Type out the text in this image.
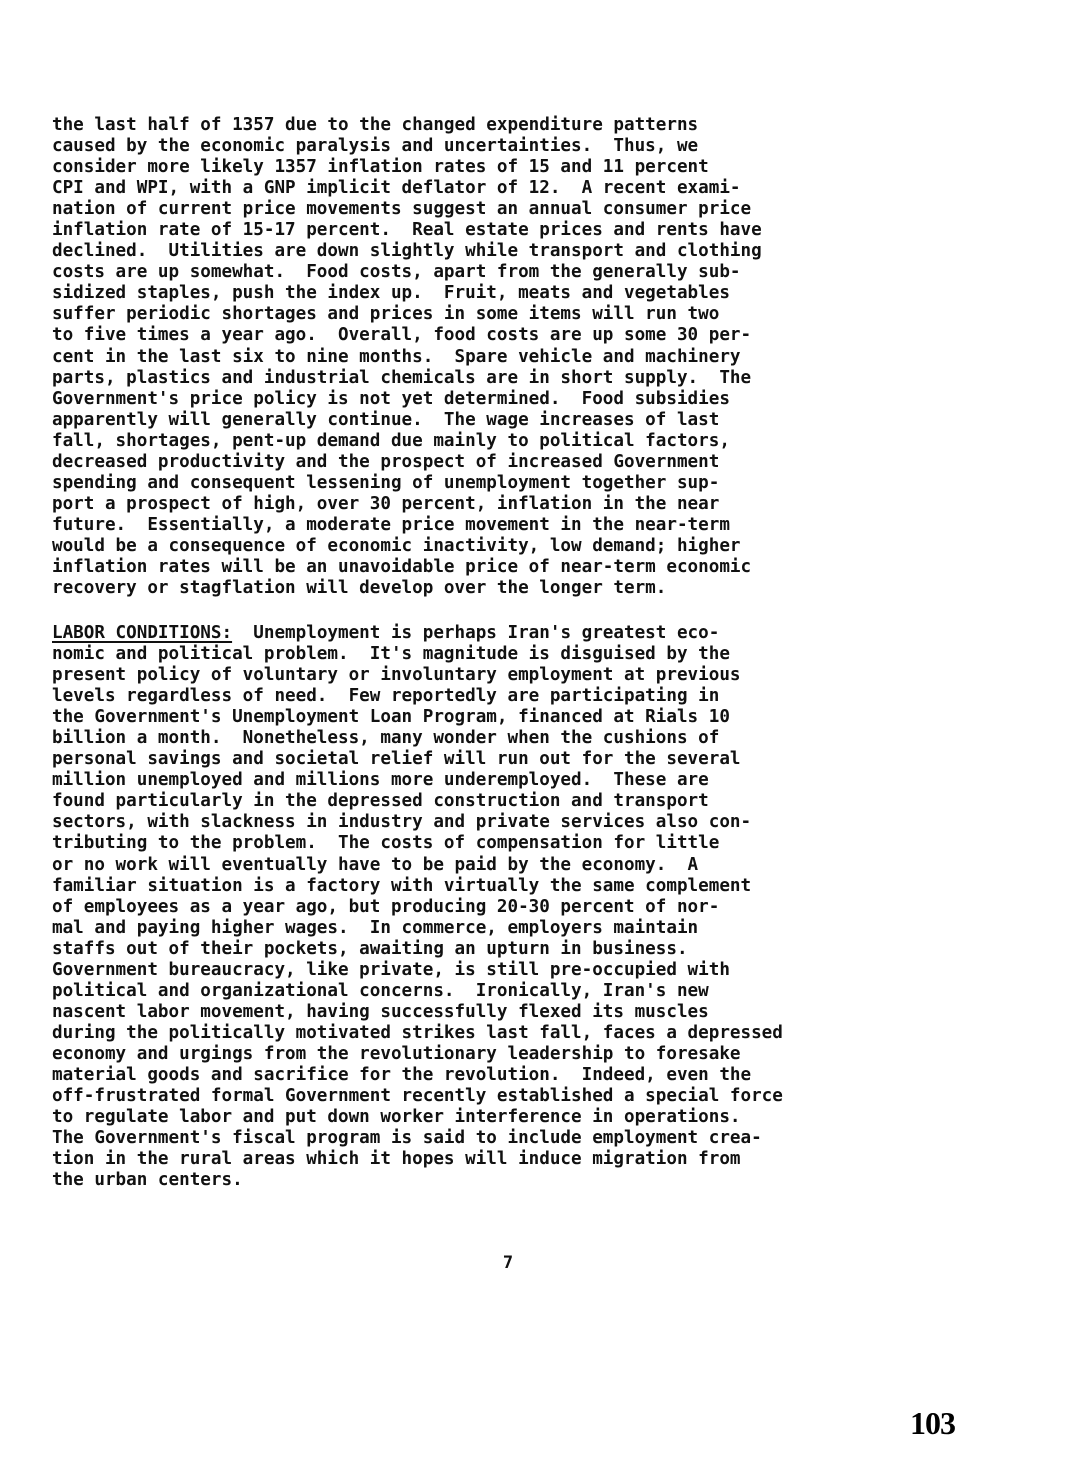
the last half of 1357 due to the changed expenditure patterns
caused by the economic paralysis and uncertainties.  Thus, we
consider more likely 1357 inflation rates of 15 and 11 percent
CPI and WPI, with a GNP implicit deflator of 12.  A recent exami-
nation of current price movements suggest an annual consumer price
inflation rate of 15-17 percent.  Real estate prices and rents have
declined.  Utilities are down slightly while transport and clothing
costs are up somewhat.  Food costs, apart from the generally sub-
sidized staples, push the index up.  Fruit, meats and vegetables
suffer periodic shortages and prices in some items will run two
to five times a year ago.  Overall, food costs are up some 30 per-
cent in the last six to nine months.  Spare vehicle and machinery
parts, plastics and industrial chemicals are in short supply.  The
Government's price policy is not yet determined.  Food subsidies
apparently will generally continue.  The wage increases of last
fall, shortages, pent-up demand due mainly to political factors,
decreased productivity and the prospect of increased Government
spending and consequent lessening of unemployment together sup-
port a prospect of high, over 30 percent, inflation in the near
future.  Essentially, a moderate price movement in the near-term
would be a consequence of economic inactivity, low demand; higher
inflation rates will be an unavoidable price of near-term economic
recovery or stagflation will develop over the longer term.
LABOR CONDITIONS:  Unemployment is perhaps Iran's greatest eco-
nomic and political problem.  It's magnitude is disguised by the
present policy of voluntary or involuntary employment at previous
levels regardless of need.  Few reportedly are participating in
the Government's Unemployment Loan Program, financed at Rials 10
billion a month.  Nonetheless, many wonder when the cushions of
personal savings and societal relief will run out for the several
million unemployed and millions more underemployed.  These are
found particularly in the depressed construction and transport
sectors, with slackness in industry and private services also con-
tributing to the problem.  The costs of compensation for little
or no work will eventually have to be paid by the economy.  A
familiar situation is a factory with virtually the same complement
of employees as a year ago, but producing 20-30 percent of nor-
mal and paying higher wages.  In commerce, employers maintain
staffs out of their pockets, awaiting an upturn in business.
Government bureaucracy, like private, is still pre-occupied with
political and organizational concerns.  Ironically, Iran's new
nascent labor movement, having successfully flexed its muscles
during the politically motivated strikes last fall, faces a depressed
economy and urgings from the revolutionary leadership to foresake
material goods and sacrifice for the revolution.  Indeed, even the
off-frustrated formal Government recently established a special force
to regulate labor and put down worker interference in operations.
The Government's fiscal program is said to include employment crea-
tion in the rural areas which it hopes will induce migration from
the urban centers.
7
103
